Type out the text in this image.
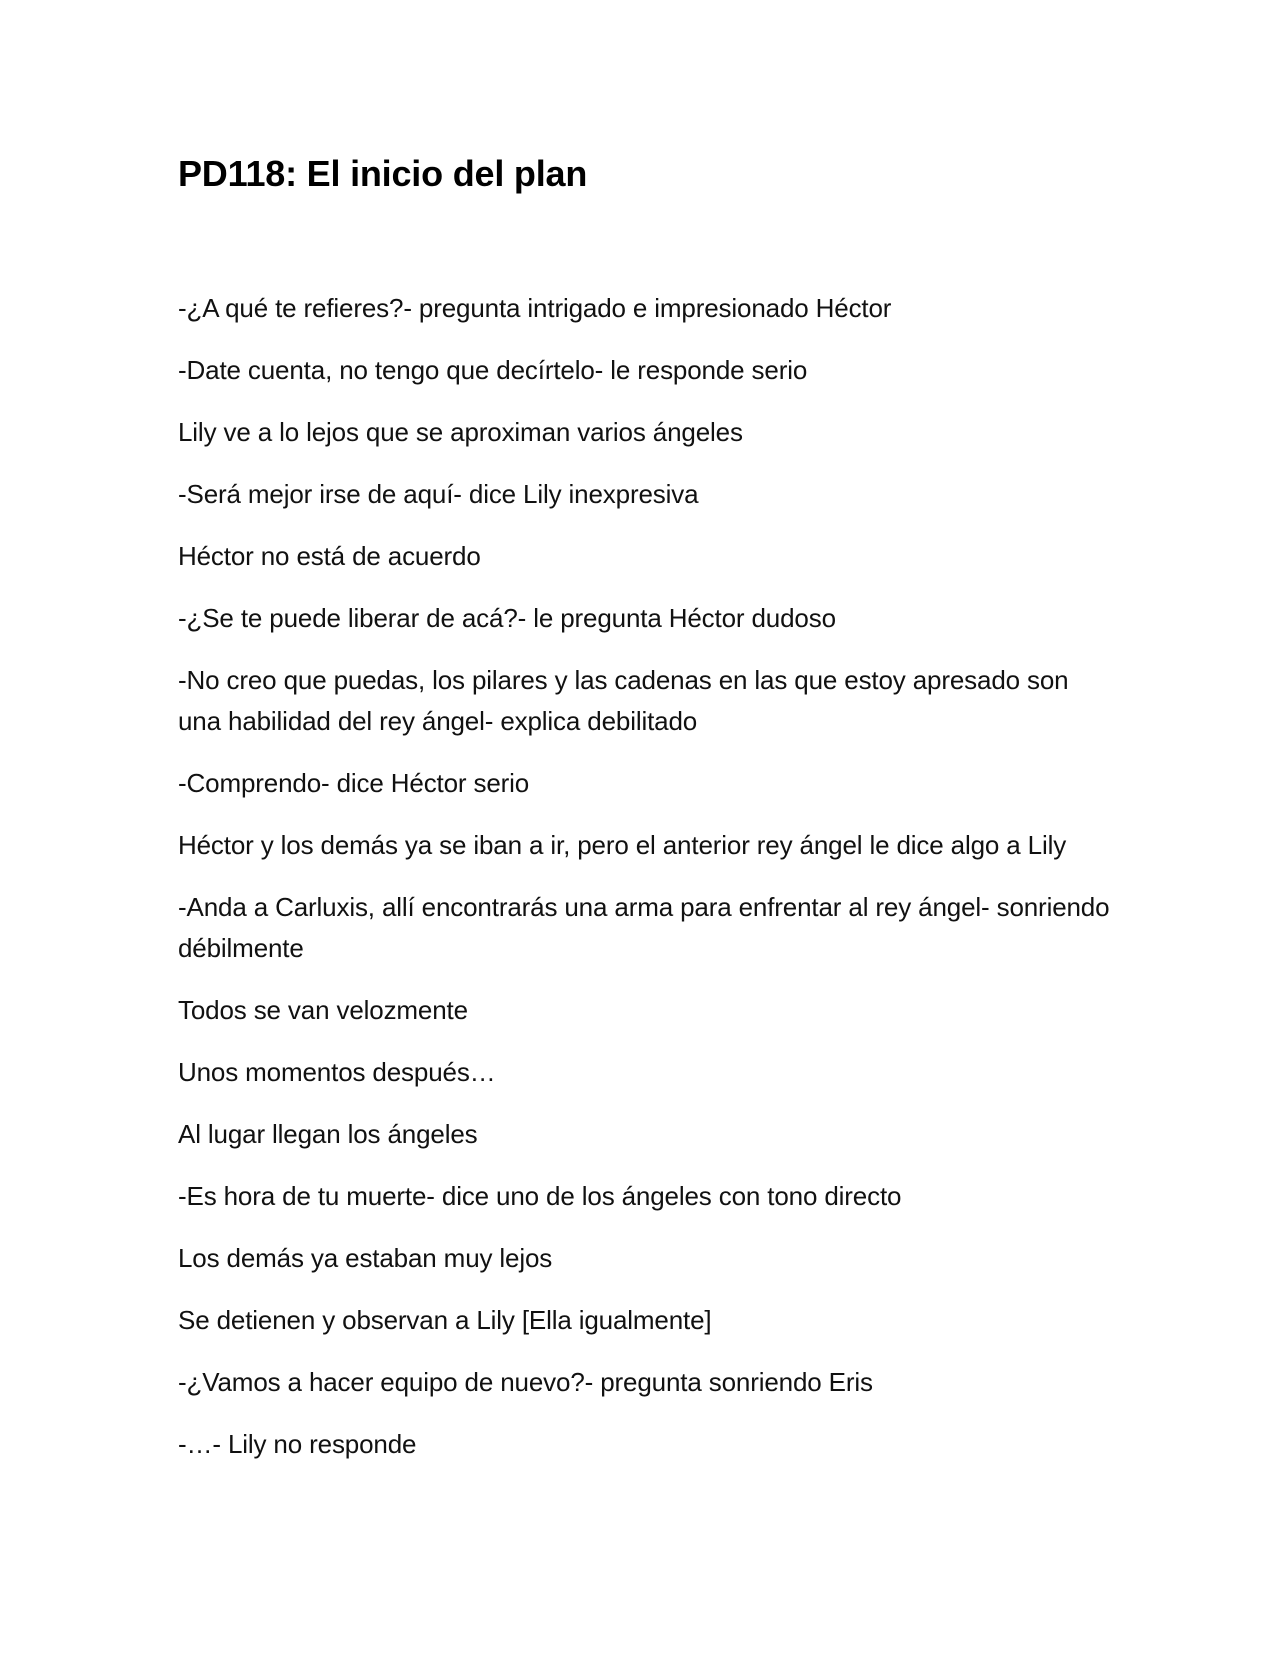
PD118: El inicio del plan

-¿A qué te refieres?- pregunta intrigado e impresionado Héctor

-Date cuenta, no tengo que decírtelo- le responde serio

Lily ve a lo lejos que se aproximan varios ángeles

-Será mejor irse de aquí- dice Lily inexpresiva

Héctor no está de acuerdo

-¿Se te puede liberar de acá?- le pregunta Héctor dudoso

-No creo que puedas, los pilares y las cadenas en las que estoy apresado son una habilidad del rey ángel- explica debilitado

-Comprendo- dice Héctor serio

Héctor y los demás ya se iban a ir, pero el anterior rey ángel le dice algo a Lily

-Anda a Carluxis, allí encontrarás una arma para enfrentar al rey ángel- sonriendo débilmente

Todos se van velozmente

Unos momentos después…

Al lugar llegan los ángeles

-Es hora de tu muerte- dice uno de los ángeles con tono directo

Los demás ya estaban muy lejos

Se detienen y observan a Lily [Ella igualmente]

-¿Vamos a hacer equipo de nuevo?- pregunta sonriendo Eris

-…- Lily no responde
